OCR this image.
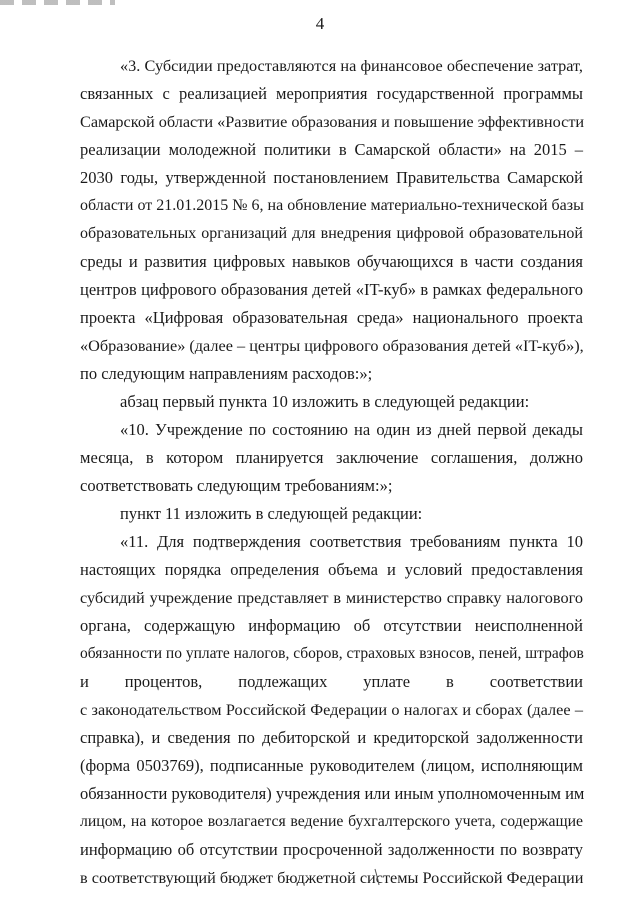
4
«3. Субсидии предоставляются на финансовое обеспечение затрат,
связанных с реализацией мероприятия государственной программы
Самарской области «Развитие образования и повышение эффективности
реализации молодежной политики в Самарской области» на 2015 –
2030 годы, утвержденной постановлением Правительства Самарской
области от 21.01.2015 № 6, на обновление материально-технической базы
образовательных организаций для внедрения цифровой образовательной
среды и развития цифровых навыков обучающихся в части создания
центров цифрового образования детей «IT-куб» в рамках федерального
проекта «Цифровая образовательная среда» национального проекта
«Образование» (далее – центры цифрового образования детей «IT-куб»),
по следующим направлениям расходов:»;
абзац первый пункта 10 изложить в следующей редакции:
«10. Учреждение по состоянию на один из дней первой декады
месяца, в котором планируется заключение соглашения, должно
соответствовать следующим требованиям:»;
пункт 11 изложить в следующей редакции:
«11. Для подтверждения соответствия требованиям пункта 10
настоящих порядка определения объема и условий предоставления
субсидий учреждение представляет в министерство справку налогового
органа, содержащую информацию об отсутствии неисполненной
обязанности по уплате налогов, сборов, страховых взносов, пеней, штрафов
и процентов, подлежащих уплате в соответствии
с законодательством Российской Федерации о налогах и сборах (далее –
справка), и сведения по дебиторской и кредиторской задолженности
(форма 0503769), подписанные руководителем (лицом, исполняющим
обязанности руководителя) учреждения или иным уполномоченным им
лицом, на которое возлагается ведение бухгалтерского учета, содержащие
информацию об отсутствии просроченной задолженности по возврату
в соответствующий бюджет бюджетной системы Российской Федерации
